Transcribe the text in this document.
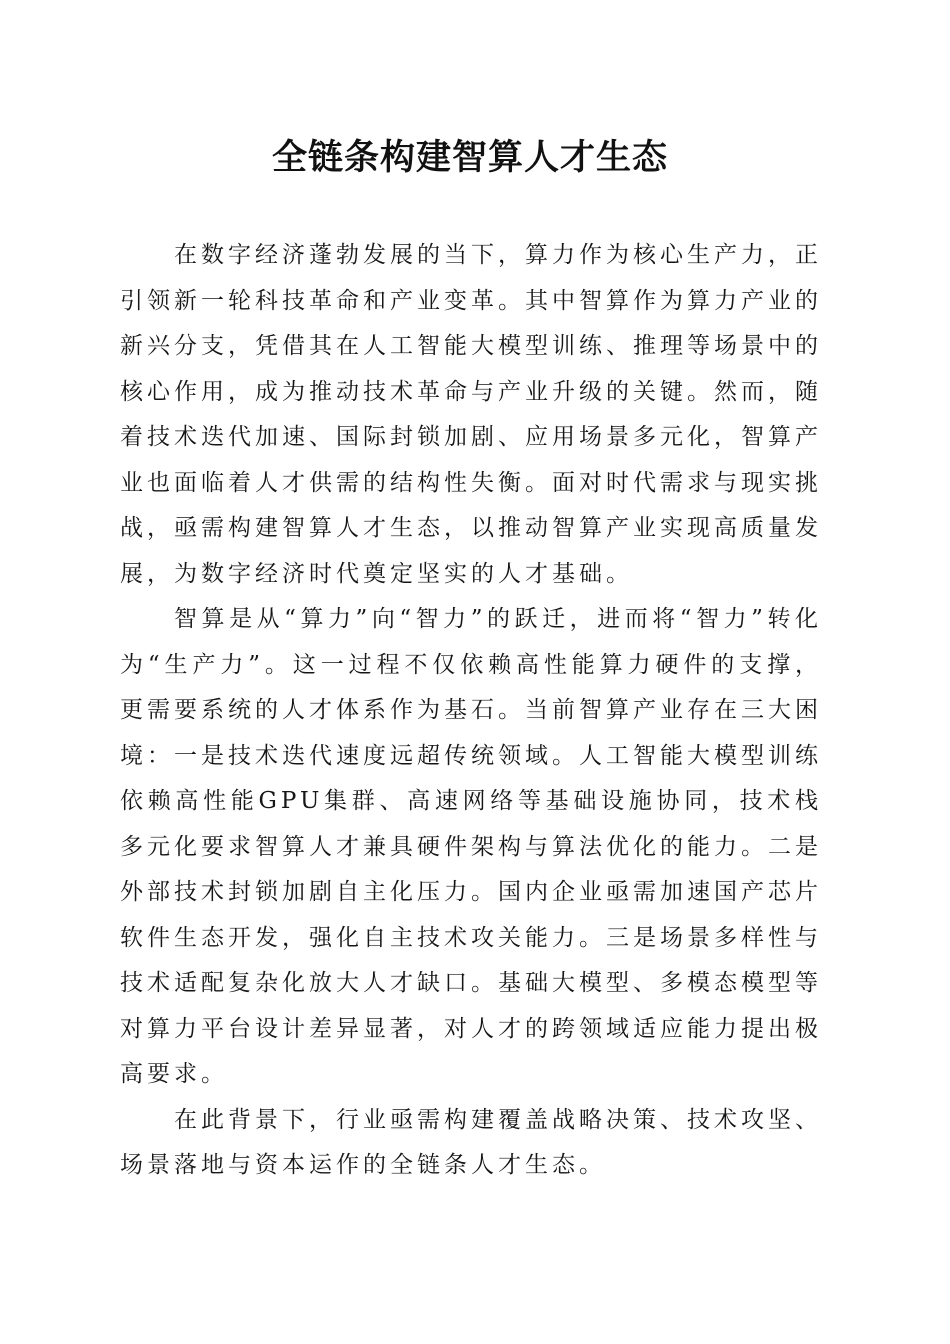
全链条构建智算人才生态

在数字经济蓬勃发展的当下，算力作为核心生产力，正引领新一轮科技革命和产业变革。其中智算作为算力产业的新兴分支，凭借其在人工智能大模型训练、推理等场景中的核心作用，成为推动技术革命与产业升级的关键。然而，随着技术迭代加速、国际封锁加剧、应用场景多元化，智算产业也面临着人才供需的结构性失衡。面对时代需求与现实挑战，亟需构建智算人才生态，以推动智算产业实现高质量发展，为数字经济时代奠定坚实的人才基础。

智算是从“算力”向“智力”的跃迁，进而将“智力”转化为“生产力”。这一过程不仅依赖高性能算力硬件的支撑，更需要系统的人才体系作为基石。当前智算产业存在三大困境：一是技术迭代速度远超传统领域。人工智能大模型训练依赖高性能GPU集群、高速网络等基础设施协同，技术栈多元化要求智算人才兼具硬件架构与算法优化的能力。二是外部技术封锁加剧自主化压力。国内企业亟需加速国产芯片软件生态开发，强化自主技术攻关能力。三是场景多样性与技术适配复杂化放大人才缺口。基础大模型、多模态模型等对算力平台设计差异显著，对人才的跨领域适应能力提出极高要求。

在此背景下，行业亟需构建覆盖战略决策、技术攻坚、场景落地与资本运作的全链条人才生态。
